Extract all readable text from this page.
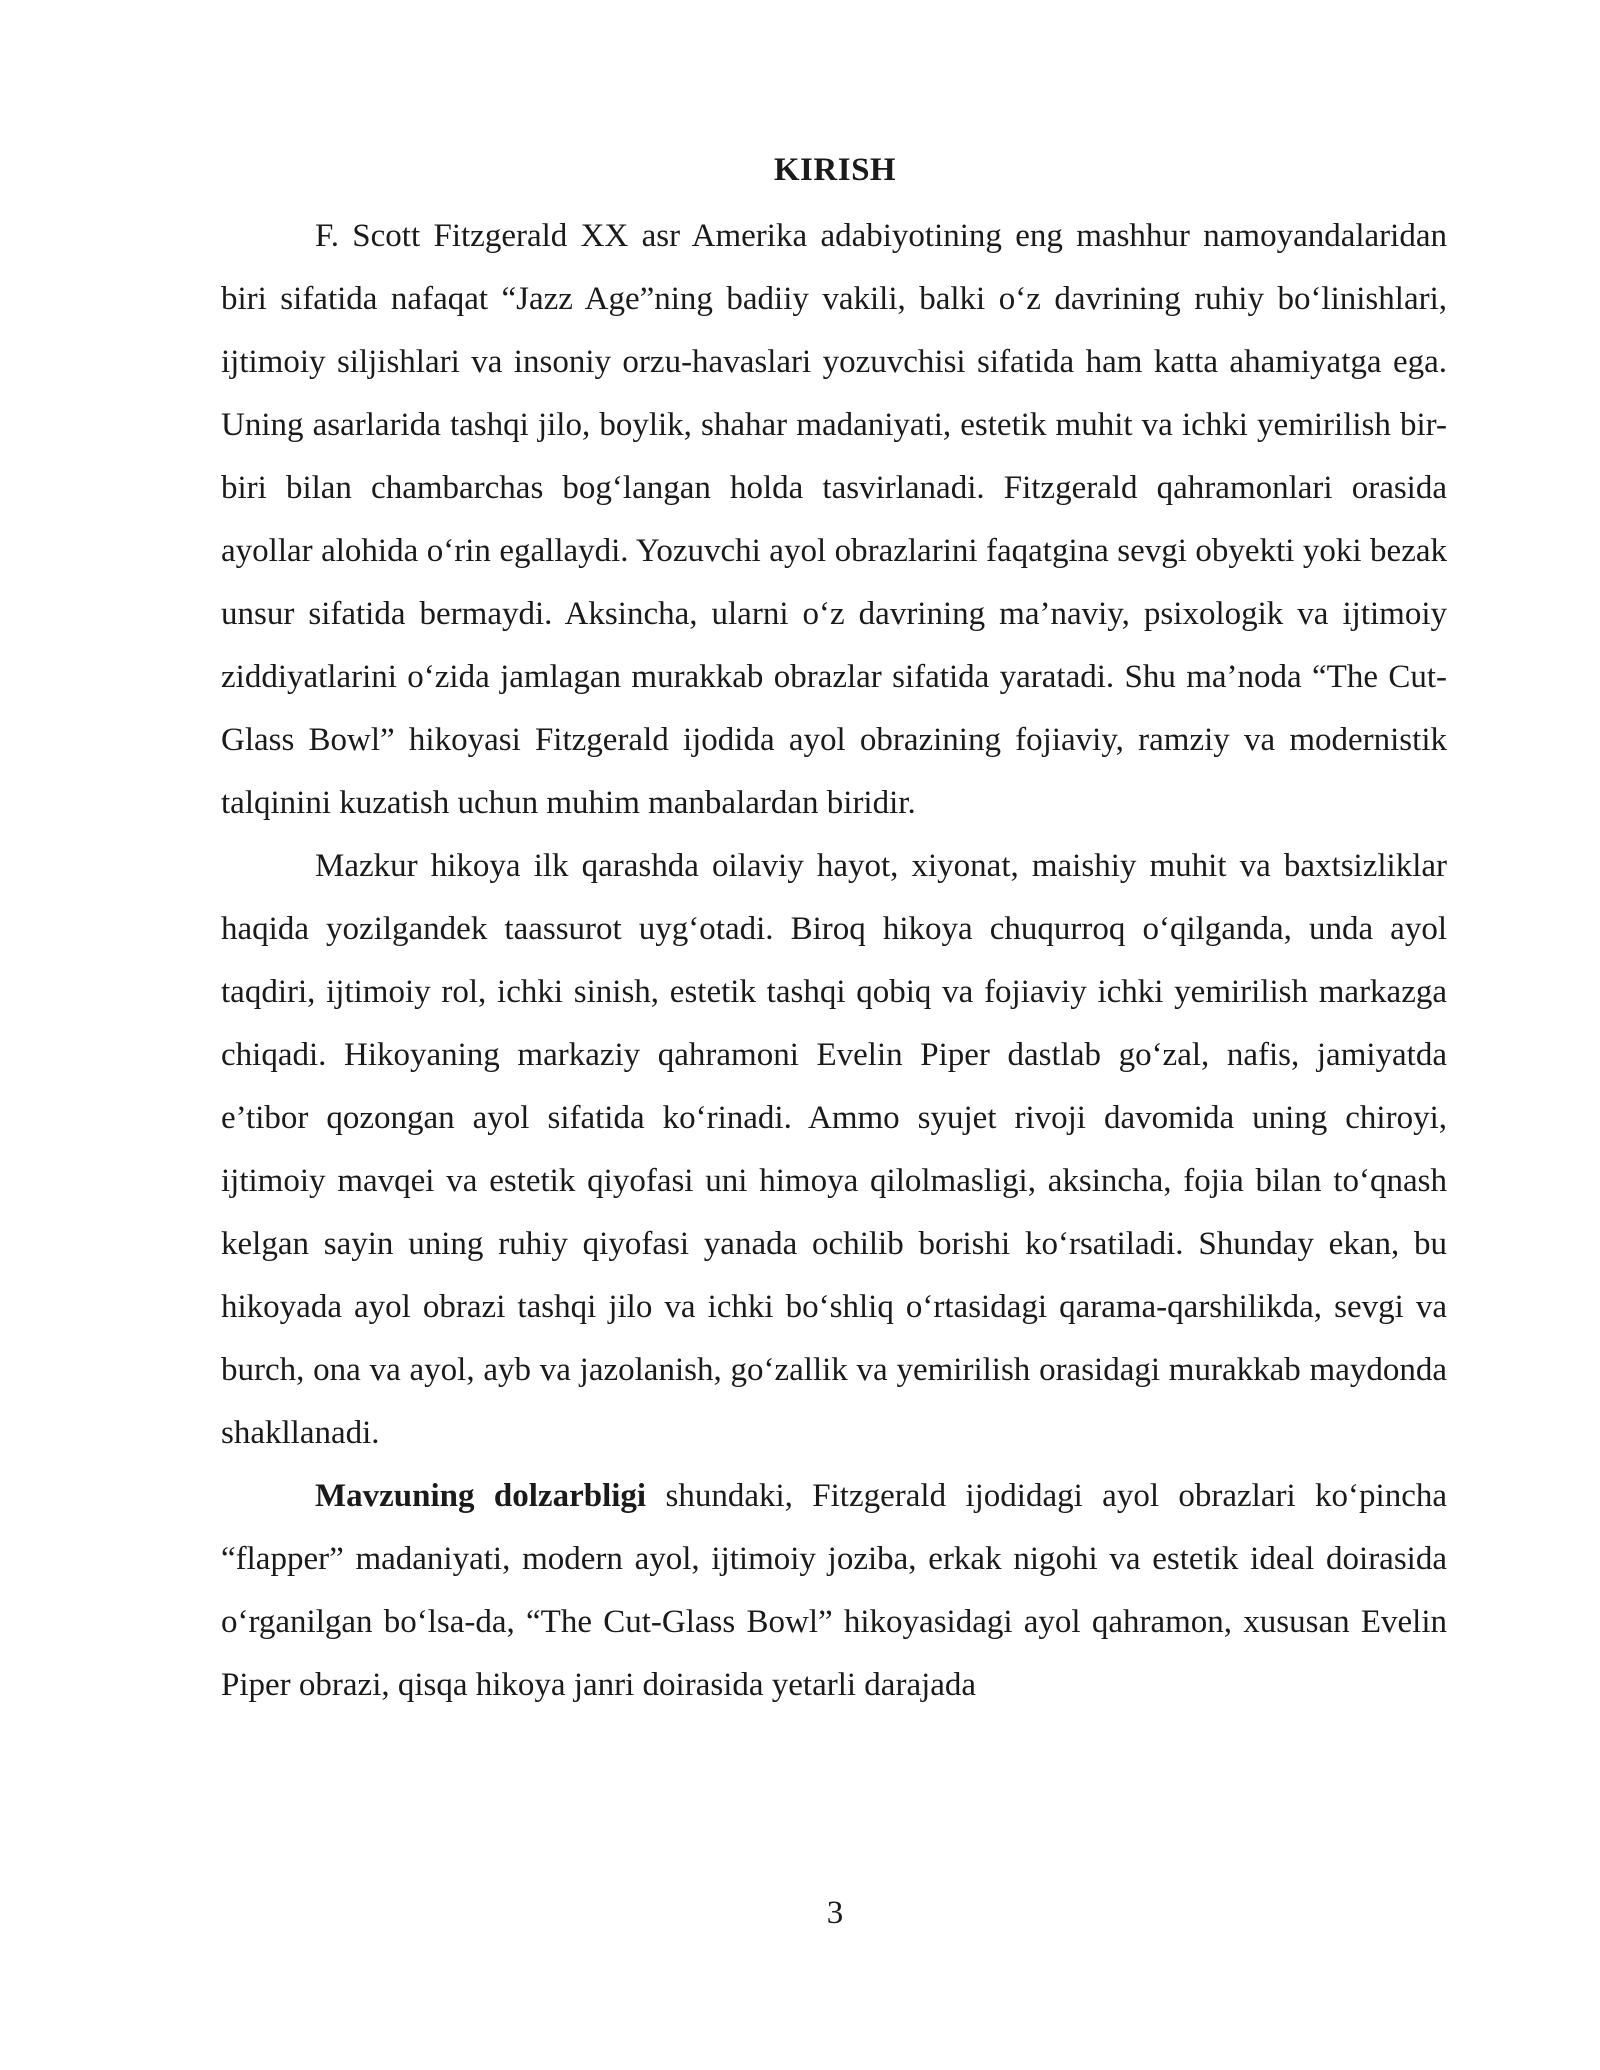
KIRISH

F. Scott Fitzgerald XX asr Amerika adabiyotining eng mashhur namoyandalaridan biri sifatida nafaqat “Jazz Age”ning badiiy vakili, balki o‘z davrining ruhiy bo‘linishlari, ijtimoiy siljishlari va insoniy orzu-havaslari yozuvchisi sifatida ham katta ahamiyatga ega. Uning asarlarida tashqi jilo, boylik, shahar madaniyati, estetik muhit va ichki yemirilish bir-biri bilan chambarchas bog‘langan holda tasvirlanadi. Fitzgerald qahramonlari orasida ayollar alohida o‘rin egallaydi. Yozuvchi ayol obrazlarini faqatgina sevgi obyekti yoki bezak unsur sifatida bermaydi. Aksincha, ularni o‘z davrining ma’naviy, psixologik va ijtimoiy ziddiyatlarini o‘zida jamlagan murakkab obrazlar sifatida yaratadi. Shu ma’noda “The Cut-Glass Bowl” hikoyasi Fitzgerald ijodida ayol obrazining fojiaviy, ramziy va modernistik talqinini kuzatish uchun muhim manbalardan biridir.

Mazkur hikoya ilk qarashda oilaviy hayot, xiyonat, maishiy muhit va baxtsizliklar haqida yozilgandek taassurot uyg‘otadi. Biroq hikoya chuqurroq o‘qilganda, unda ayol taqdiri, ijtimoiy rol, ichki sinish, estetik tashqi qobiq va fojiaviy ichki yemirilish markazga chiqadi. Hikoyaning markaziy qahramoni Evelin Piper dastlab go‘zal, nafis, jamiyatda e’tibor qozongan ayol sifatida ko‘rinadi. Ammo syujet rivoji davomida uning chiroyi, ijtimoiy mavqei va estetik qiyofasi uni himoya qilolmasligi, aksincha, fojia bilan to‘qnash kelgan sayin uning ruhiy qiyofasi yanada ochilib borishi ko‘rsatiladi. Shunday ekan, bu hikoyada ayol obrazi tashqi jilo va ichki bo‘shliq o‘rtasidagi qarama-qarshilikda, sevgi va burch, ona va ayol, ayb va jazolanish, go‘zallik va yemirilish orasidagi murakkab maydonda shakllanadi.

Mavzuning dolzarbligi shundaki, Fitzgerald ijodidagi ayol obrazlari ko‘pincha “flapper” madaniyati, modern ayol, ijtimoiy joziba, erkak nigohi va estetik ideal doirasida o‘rganilgan bo‘lsa-da, “The Cut-Glass Bowl” hikoyasidagi ayol qahramon, xususan Evelin Piper obrazi, qisqa hikoya janri doirasida yetarli darajada

3
